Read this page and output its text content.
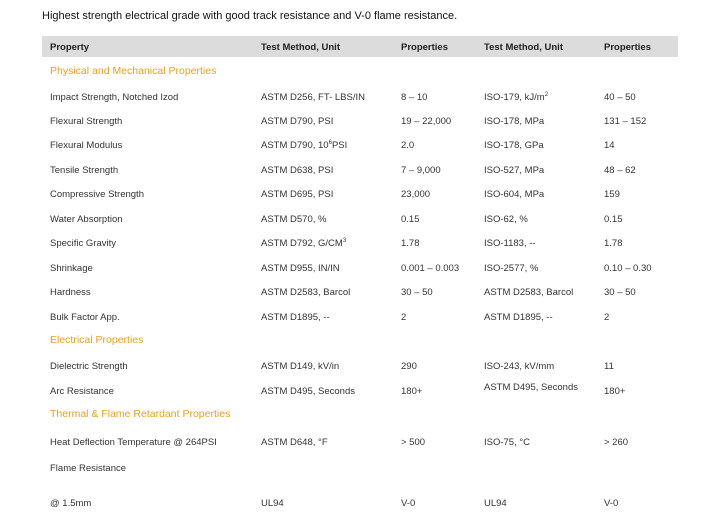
Highest strength electrical grade with good track resistance and V-0 flame resistance.
Property	Test Method, Unit	Properties	Test Method, Unit	Properties
Physical and Mechanical Properties
Impact Strength, Notched Izod	ASTM D256, FT- LBS/IN	8 – 10	ISO-179, $kJ/m^2$	40 – 50
Flexural Strength	ASTM D790, PSI	19 – 22,000	ISO-178, MPa	131 – 152
Flexural Modulus	ASTM D790, $10^6PSI$	2.0	ISO-178, GPa	14
Tensile Strength	ASTM D638, PSI	7 – 9,000	ISO-527, MPa	48 – 62
Compressive Strength	ASTM D695, PSI	23,000	ISO-604, MPa	159
Water Absorption	ASTM D570, %	0.15	ISO-62, %	0.15
Specific Gravity	ASTM D792, $G/CM^3$	1.78	ISO-1183, --	1.78
Shrinkage	ASTM D955, IN/IN	0.001 – 0.003	ISO-2577, %	0.10 – 0.30
Hardness	ASTM D2583, Barcol	30 – 50	ASTM D2583, Barcol	30 – 50
Bulk Factor App.	ASTM D1895, --	2	ASTM D1895, --	2
Electrical Properties
Dielectric Strength	ASTM D149, kV/in	290	ISO-243, kV/mm	11
Arc Resistance	ASTM D495, Seconds	180+	ASTM D495, Seconds	180+
Thermal & Flame Retardant Properties
Heat Deflection Temperature @ 264PSI	ASTM D648, °F	> 500	ISO-75, °C	> 260
Flame Resistance
@ 1.5mm	UL94	V-0	UL94	V-0
